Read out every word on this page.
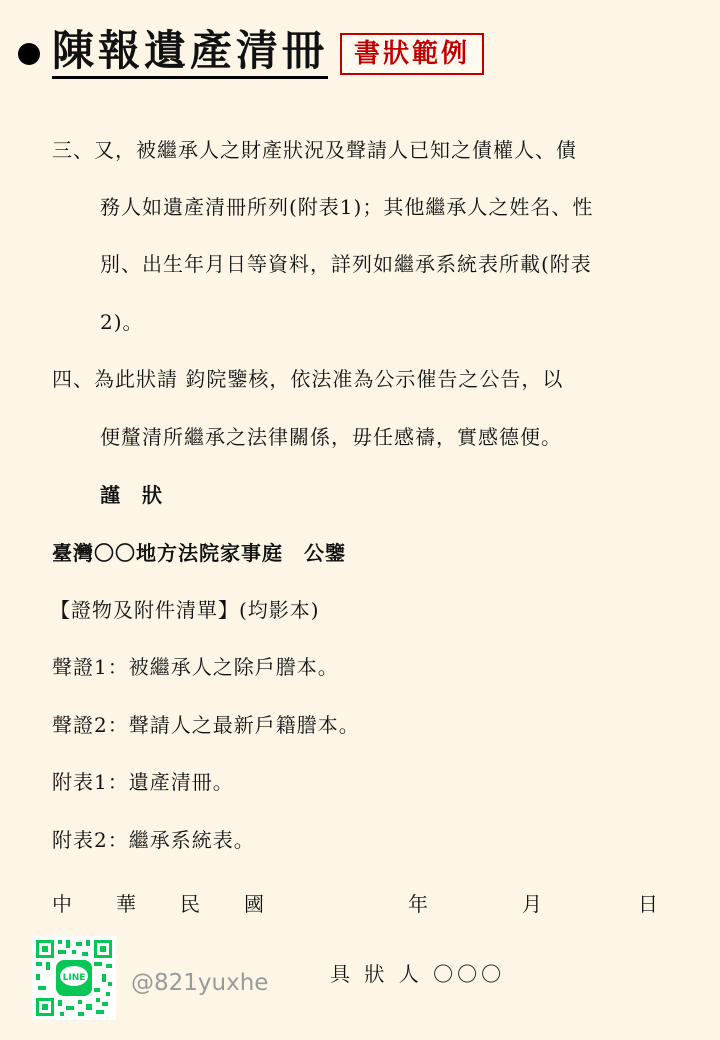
陳報遺產清冊	書狀範例
三、又，被繼承人之財產狀況及聲請人已知之債權人、債
務人如遺產清冊所列(附表1)；其他繼承人之姓名、性
別、出生年月日等資料，詳列如繼承系統表所載(附表
2)。
四、為此狀請 鈞院鑒核，依法准為公示催告之公告，以
便釐清所繼承之法律關係，毋任感禱，實感德便。
謹　狀
臺灣〇〇地方法院家事庭　公鑒
【證物及附件清單】(均影本)
聲證1：被繼承人之除戶謄本。
聲證2：聲請人之最新戶籍謄本。
附表1：遺產清冊。
附表2：繼承系統表。
中 華 民 國	年	月	日
LINE @821yuxhe	具 狀 人 〇〇〇
